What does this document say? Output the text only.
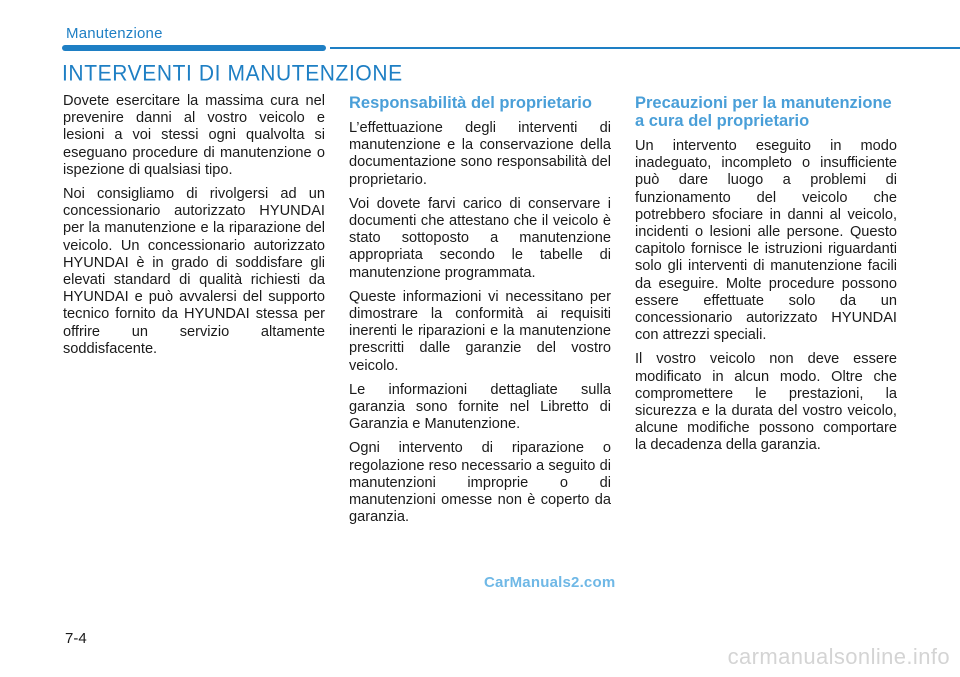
Manutenzione
INTERVENTI DI MANUTENZIONE

Dovete esercitare la massima cura nel prevenire danni al vostro veicolo e lesioni a voi stessi ogni qualvolta si eseguano procedure di manutenzione o ispezione di qualsiasi tipo.

Noi consigliamo di rivolgersi ad un concessionario autorizzato HYUNDAI per la manutenzione e la riparazione del veicolo. Un concessionario autorizzato HYUNDAI è in grado di soddisfare gli elevati standard di qualità richiesti da HYUNDAI e può avvalersi del supporto tecnico fornito da HYUNDAI stessa per offrire un servizio altamente soddisfacente.

Responsabilità del proprietario

L’effettuazione degli interventi di manutenzione e la conservazione della documentazione sono responsabilità del proprietario.

Voi dovete farvi carico di conservare i documenti che attestano che il veicolo è stato sottoposto a manutenzione appropriata secondo le tabelle di manutenzione programmata.

Queste informazioni vi necessitano per dimostrare la conformità ai requisiti inerenti le riparazioni e la manutenzione prescritti dalle garanzie del vostro veicolo.

Le informazioni dettagliate sulla garanzia sono fornite nel Libretto di Garanzia e Manutenzione.

Ogni intervento di riparazione o regolazione reso necessario a seguito di manutenzioni improprie o di manutenzioni omesse non è coperto da garanzia.

Precauzioni per la manutenzione a cura del proprietario

Un intervento eseguito in modo inadeguato, incompleto o insufficiente può dare luogo a problemi di funzionamento del veicolo che potrebbero sfociare in danni al veicolo, incidenti o lesioni alle persone. Questo capitolo fornisce le istruzioni riguardanti solo gli interventi di manutenzione facili da eseguire. Molte procedure possono essere effettuate solo da un concessionario autorizzato HYUNDAI con attrezzi speciali.

Il vostro veicolo non deve essere modificato in alcun modo. Oltre che compromettere le prestazioni, la sicurezza e la durata del vostro veicolo, alcune modifiche possono comportare la decadenza della garanzia.

CarManuals2.com
7-4
carmanualsonline.info
